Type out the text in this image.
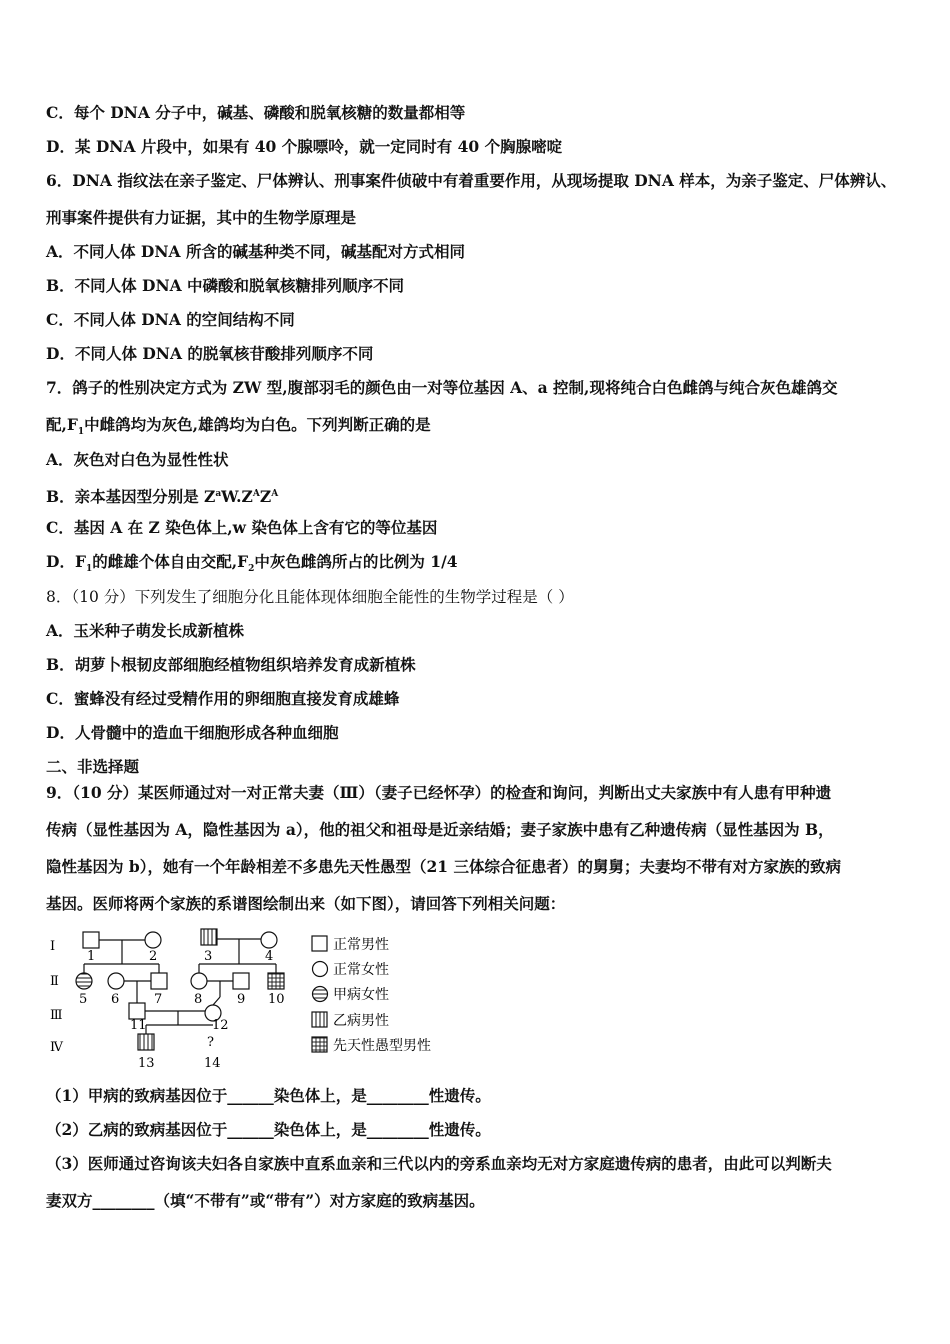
C．每个 DNA 分子中，碱基、磷酸和脱氧核糖的数量都相等
D．某 DNA 片段中，如果有 40 个腺嘌呤，就一定同时有 40 个胸腺嘧啶
6．DNA 指纹法在亲子鉴定、尸体辨认、刑事案件侦破中有着重要作用，从现场提取 DNA 样本，为亲子鉴定、尸体辨认、
刑事案件提供有力证据，其中的生物学原理是
A．不同人体 DNA 所含的碱基种类不同，碱基配对方式相同
B．不同人体 DNA 中磷酸和脱氧核糖排列顺序不同
C．不同人体 DNA 的空间结构不同
D．不同人体 DNA 的脱氧核苷酸排列顺序不同
7．鸽子的性别决定方式为 ZW 型,腹部羽毛的颜色由一对等位基因 A、a 控制,现将纯合白色雌鸽与纯合灰色雄鸽交
配$,F_1$中雌鸽均为灰色,雄鸽均为白色。下列判断正确的是
A．灰色对白色为显性性状
B．亲本基因型分别是 $Z^aW.Z^AZ^A$
C．基因 A 在 Z 染色体上,w 染色体上含有它的等位基因
D．$F_1$的雌雄个体自由交配$,F_2$中灰色雌鸽所占的比例为 1/4
8．（10 分）下列发生了细胞分化且能体现体细胞全能性的生物学过程是（ ）
A．玉米种子萌发长成新植株
B．胡萝卜根韧皮部细胞经植物组织培养发育成新植株
C．蜜蜂没有经过受精作用的卵细胞直接发育成雄蜂
D．人骨髓中的造血干细胞形成各种血细胞
二、非选择题
9．（10 分）某医师通过对一对正常夫妻（Ⅲ）（妻子已经怀孕）的检查和询问，判断出丈夫家族中有人患有甲种遗
传病（显性基因为 A，隐性基因为 a），他的祖父和祖母是近亲结婚；妻子家族中患有乙种遗传病（显性基因为 B，
隐性基因为 b），她有一个年龄相差不多患先天性愚型（21 三体综合征患者）的舅舅；夫妻均不带有对方家族的致病
基因。医师将两个家族的系谱图绘制出来（如下图），请回答下列相关问题：
Ⅰ
Ⅱ
Ⅲ
Ⅳ
1	2	3	4
5 6	7 8	9 10
11	12
13
?
14
正常男性
正常女性
甲病女性
乙病男性
先天性愚型男性
（1）甲病的致病基因位于______染色体上，是________性遗传。
（2）乙病的致病基因位于______染色体上，是________性遗传。
（3）医师通过咨询该夫妇各自家族中直系血亲和三代以内的旁系血亲均无对方家庭遗传病的患者，由此可以判断夫
妻双方________（填“不带有”或“带有”）对方家庭的致病基因。
